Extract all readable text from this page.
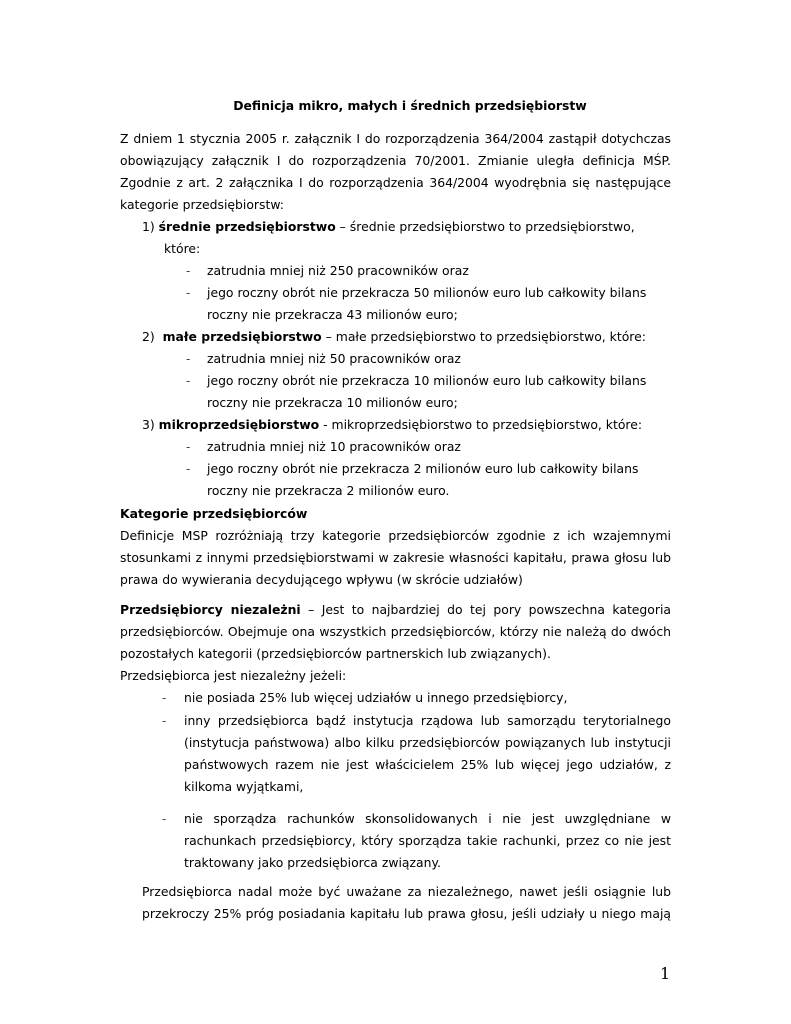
Definicja mikro, małych i średnich przedsiębiorstw
Z dniem 1 stycznia 2005 r. załącznik I do rozporządzenia 364/2004 zastąpił dotychczas
obowiązujący załącznik I do rozporządzenia 70/2001. Zmianie uległa definicja MŚP.
Zgodnie z art. 2 załącznika I do rozporządzenia 364/2004 wyodrębnia się następujące
kategorie przedsiębiorstw:
1) średnie przedsiębiorstwo – średnie przedsiębiorstwo to przedsiębiorstwo,
które:
- zatrudnia mniej niż 250 pracowników oraz
- jego roczny obrót nie przekracza 50 milionów euro lub całkowity bilans
roczny nie przekracza 43 milionów euro;
2) małe przedsiębiorstwo – małe przedsiębiorstwo to przedsiębiorstwo, które:
- zatrudnia mniej niż 50 pracowników oraz
- jego roczny obrót nie przekracza 10 milionów euro lub całkowity bilans
roczny nie przekracza 10 milionów euro;
3) mikroprzedsiębiorstwo - mikroprzedsiębiorstwo to przedsiębiorstwo, które:
- zatrudnia mniej niż 10 pracowników oraz
- jego roczny obrót nie przekracza 2 milionów euro lub całkowity bilans
roczny nie przekracza 2 milionów euro.
Kategorie przedsiębiorców
Definicje MSP rozróżniają trzy kategorie przedsiębiorców zgodnie z ich wzajemnymi
stosunkami z innymi przedsiębiorstwami w zakresie własności kapitału, prawa głosu lub
prawa do wywierania decydującego wpływu (w skrócie udziałów)
Przedsiębiorcy niezależni – Jest to najbardziej do tej pory powszechna kategoria
przedsiębiorców. Obejmuje ona wszystkich przedsiębiorców, którzy nie należą do dwóch
pozostałych kategorii (przedsiębiorców partnerskich lub związanych).
Przedsiębiorca jest niezależny jeżeli:
- nie posiada 25% lub więcej udziałów u innego przedsiębiorcy,
- inny przedsiębiorca bądź instytucja rządowa lub samorządu terytorialnego
(instytucja państwowa) albo kilku przedsiębiorców powiązanych lub instytucji
państwowych razem nie jest właścicielem 25% lub więcej jego udziałów, z
kilkoma wyjątkami,
- nie sporządza rachunków skonsolidowanych i nie jest uwzględniane w
rachunkach przedsiębiorcy, który sporządza takie rachunki, przez co nie jest
traktowany jako przedsiębiorca związany.
Przedsiębiorca nadal może być uważane za niezależnego, nawet jeśli osiągnie lub
przekroczy 25% próg posiadania kapitału lub prawa głosu, jeśli udziały u niego mają
1
